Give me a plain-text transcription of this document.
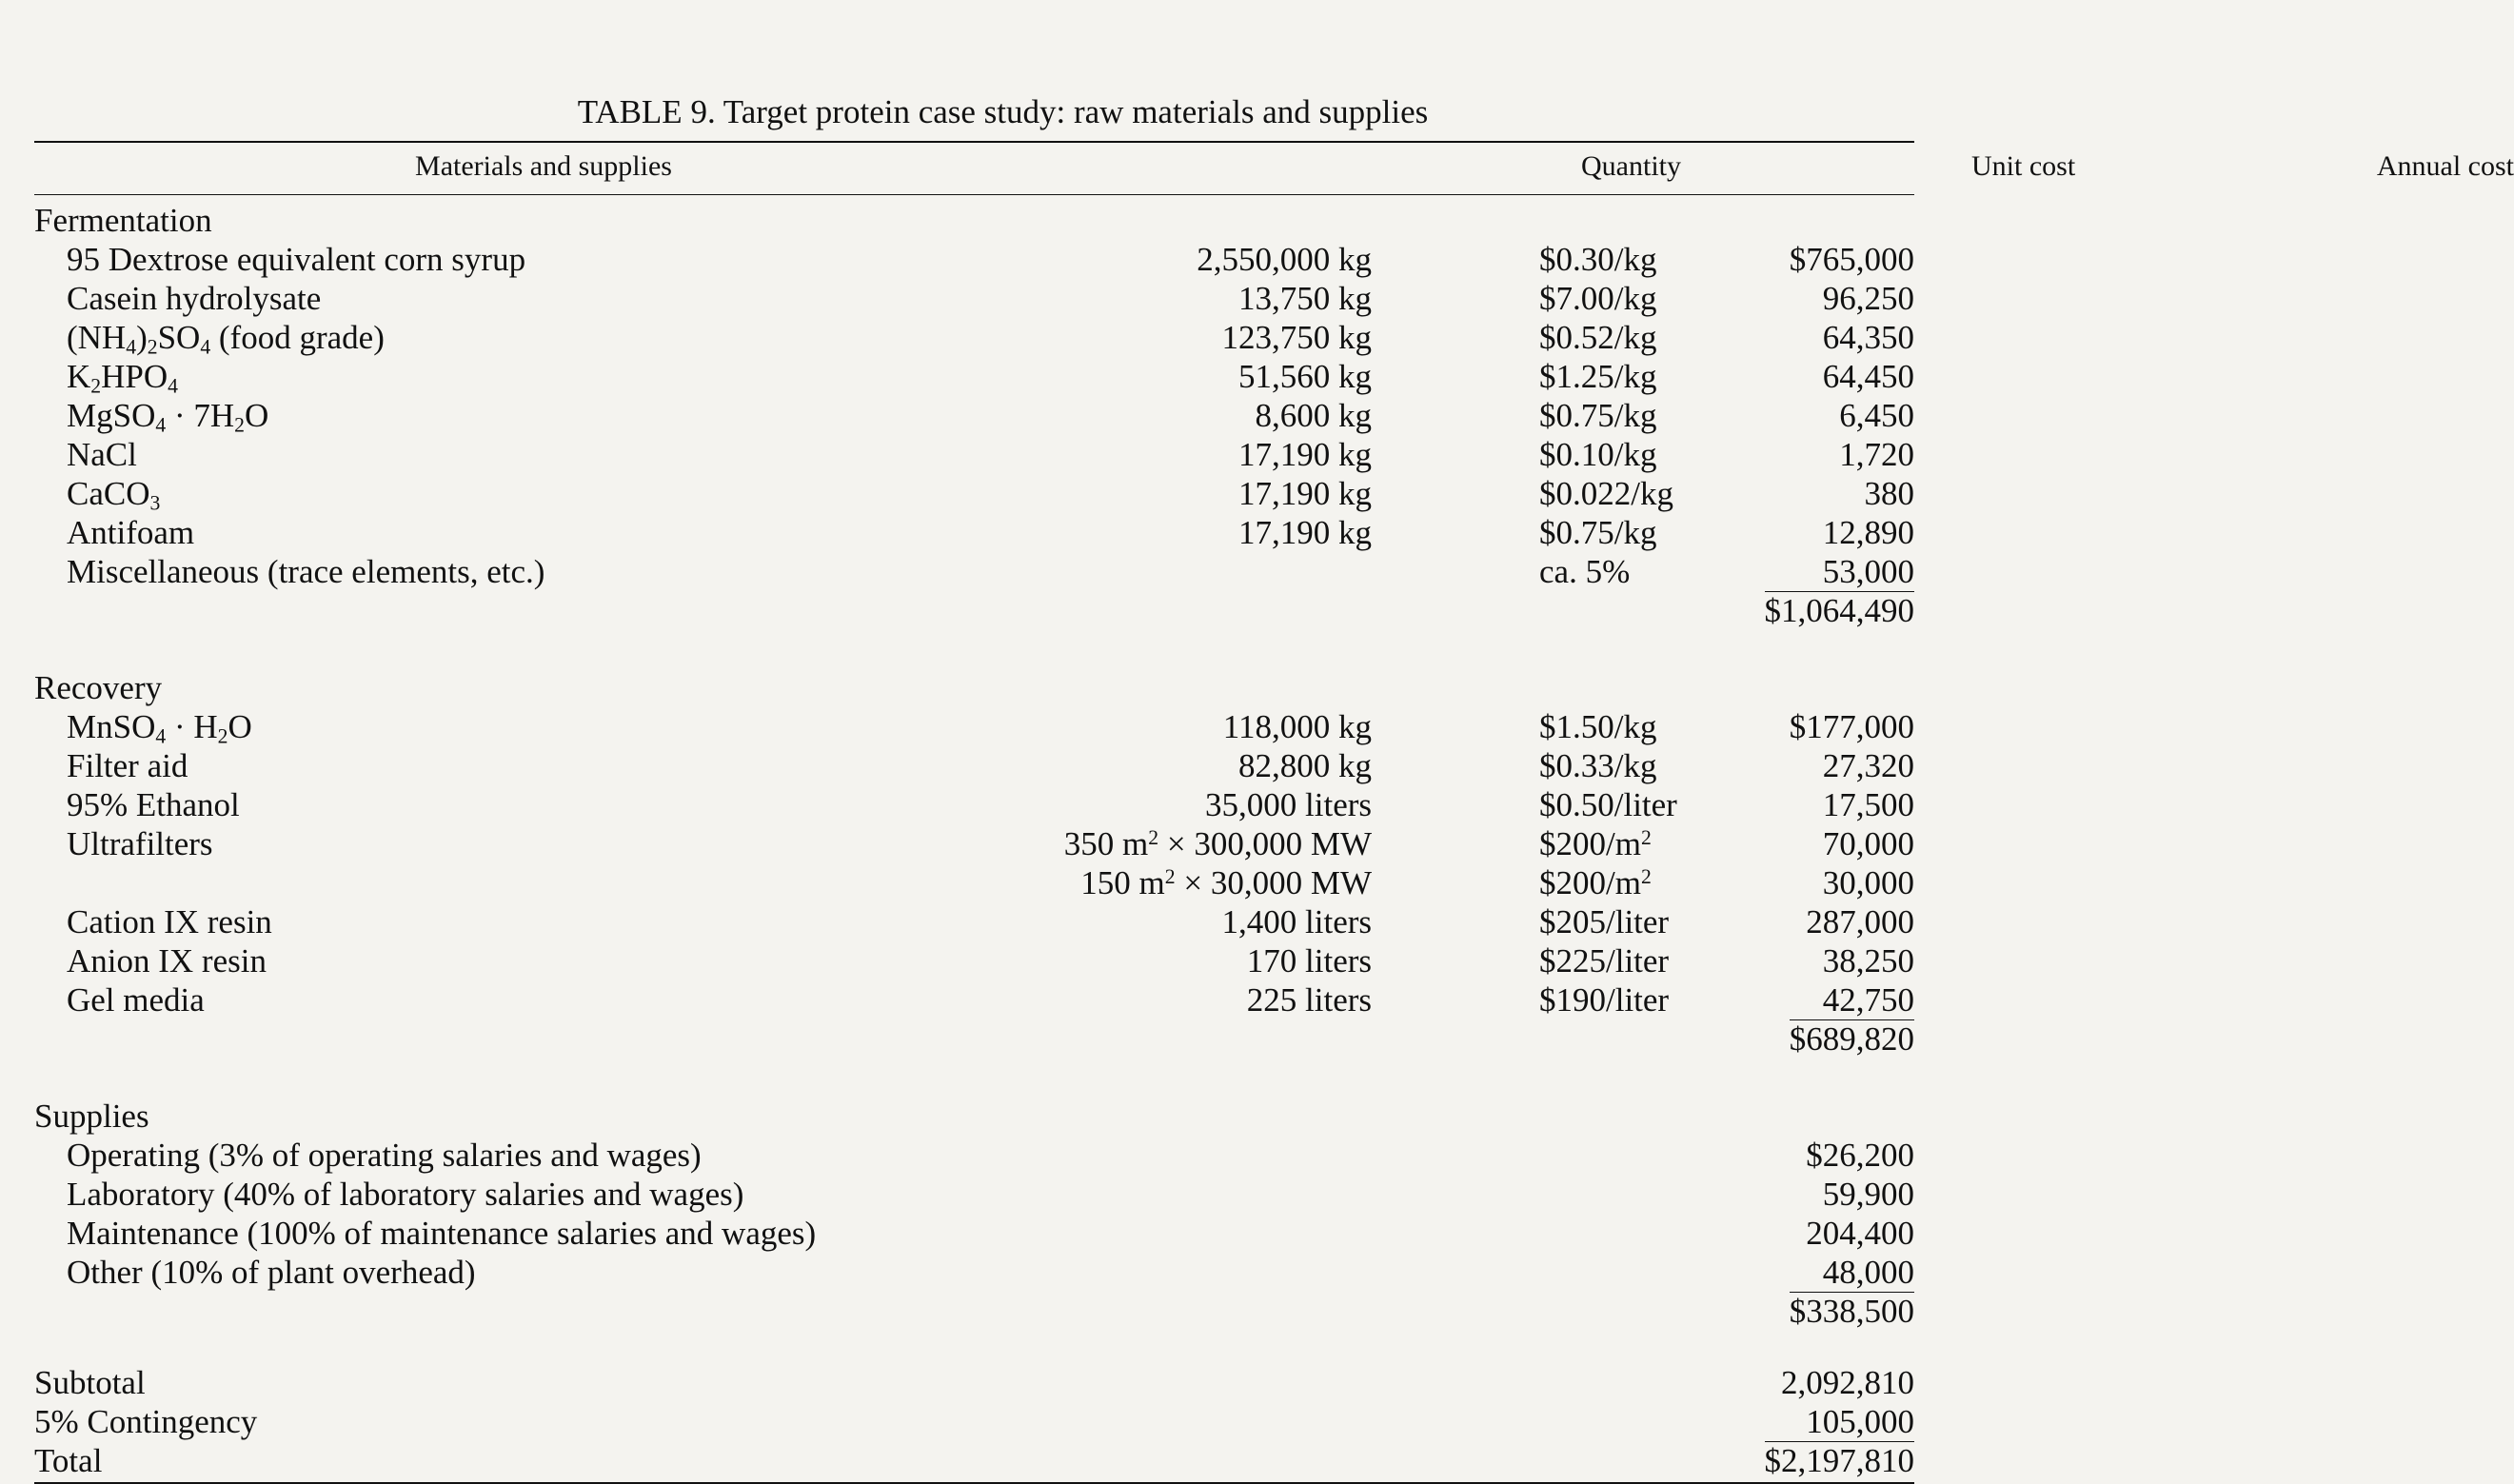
TABLE 9. Target protein case study: raw materials and supplies
Materials and supplies	Quantity	Unit cost	Annual cost
Fermentation			
95 Dextrose equivalent corn syrup	2,550,000 kg	$0.30/kg	$765,000
Casein hydrolysate	13,750 kg	$7.00/kg	96,250
$(NH_4)_2SO_4$ (food grade)	123,750 kg	$0.52/kg	64,350
$K_2HPO_4$	51,560 kg	$1.25/kg	64,450
MgSO$_4$ · $7H_2O$	8,600 kg	$0.75/kg	6,450
NaCl	17,190 kg	$0.10/kg	1,720
CaCO$_3$	17,190 kg	$0.022/kg	380
Antifoam	17,190 kg	$0.75/kg	12,890
Miscellaneous (trace elements, etc.)		ca. 5%	53,000
			$1,064,490

Recovery			
MnSO$_4$ · $H_2O$	118,000 kg	$1.50/kg	$177,000
Filter aid	82,800 kg	$0.33/kg	27,320
95% Ethanol	35,000 liters	$0.50/liter	17,500
Ultrafilters	350 $m^2 \times 300,000$ MW	$\$200/m^2$	70,000
	150 $m^2 \times 30,000$ MW	$\$200/m^2$	30,000
Cation IX resin	1,400 liters	$205/liter	287,000
Anion IX resin	170 liters	$225/liter	38,250
Gel media	225 liters	$190/liter	42,750
			$689,820

Supplies			
Operating (3% of operating salaries and wages)			$26,200
Laboratory (40% of laboratory salaries and wages)			59,900
Maintenance (100% of maintenance salaries and wages)			204,400
Other (10% of plant overhead)			48,000
			$338,500

Subtotal			2,092,810
5% Contingency			105,000
Total			$2,197,810
